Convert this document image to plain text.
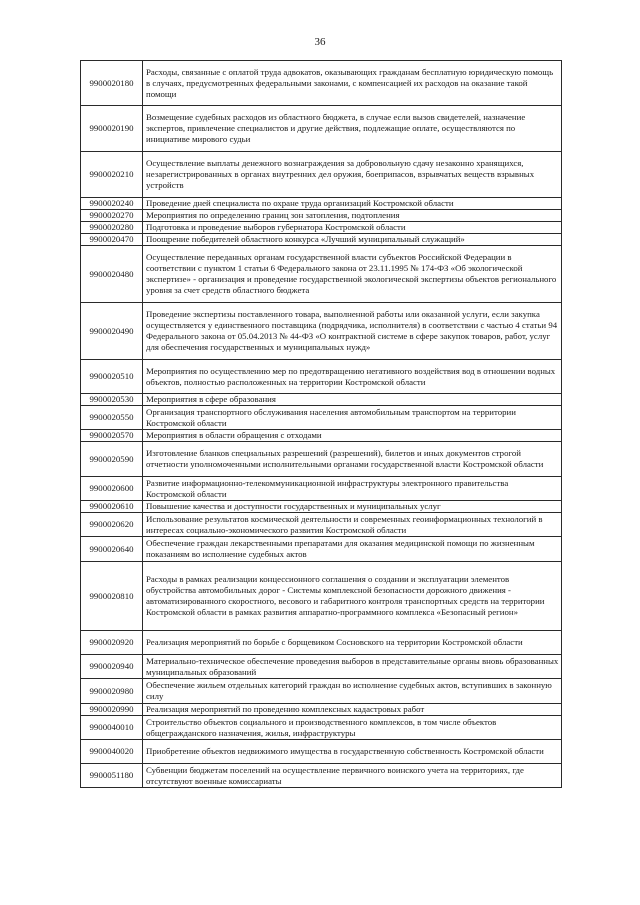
36
9900020180	Расходы, связанные с оплатой труда адвокатов, оказывающих гражданам бесплатную юридическую помощь в случаях, предусмотренных федеральными законами, с компенсацией их расходов на оказание такой помощи
9900020190	Возмещение судебных расходов из областного бюджета, в случае если вызов свидетелей, назначение экспертов, привлечение специалистов и другие действия, подлежащие оплате, осуществляются по инициативе мирового судьи
9900020210	Осуществление выплаты денежного вознаграждения за добровольную сдачу незаконно хранящихся, незарегистрированных в органах внутренних дел оружия, боеприпасов, взрывчатых веществ взрывных устройств
9900020240	Проведение дней специалиста по охране труда организаций Костромской области
9900020270	Мероприятия по определению границ зон затопления, подтопления
9900020280	Подготовка и проведение выборов губернатора Костромской области
9900020470	Поощрение победителей областного конкурса «Лучший муниципальный служащий»
9900020480	Осуществление переданных органам государственной власти субъектов Российской Федерации в соответствии с пунктом 1 статьи 6 Федерального закона от 23.11.1995 № 174-ФЗ «Об экологической экспертизе» - организация и проведение государственной экологической экспертизы объектов регионального уровня за счет средств областного бюджета
9900020490	Проведение экспертизы поставленного товара, выполненной работы или оказанной услуги, если закупка осуществляется у единственного поставщика (подрядчика, исполнителя) в соответствии с частью 4 статьи 94 Федерального закона от 05.04.2013 № 44-ФЗ «О контрактной системе в сфере закупок товаров, работ, услуг для обеспечения государственных и муниципальных нужд»
9900020510	Мероприятия по осуществлению мер по предотвращению негативного воздействия вод в отношении водных объектов, полностью расположенных на территории Костромской области
9900020530	Мероприятия в сфере образования
9900020550	Организация транспортного обслуживания населения автомобильным транспортом на территории Костромской области
9900020570	Мероприятия в области обращения с отходами
9900020590	Изготовление бланков специальных разрешений (разрешений), билетов и иных документов строгой отчетности уполномоченными исполнительными органами государственной власти Костромской области
9900020600	Развитие информационно-телекоммуникационной инфраструктуры электронного правительства Костромской области
9900020610	Повышение качества и доступности государственных и муниципальных услуг
9900020620	Использование результатов космической деятельности и современных геоинформационных технологий в интересах социально-экономического развития Костромской области
9900020640	Обеспечение граждан лекарственными препаратами для оказания медицинской помощи по жизненным показаниям во исполнение судебных актов
9900020810	Расходы в рамках реализации концессионного соглашения о создании и эксплуатации элементов обустройства автомобильных дорог - Системы комплексной безопасности дорожного движения - автоматизированного скоростного, весового и габаритного контроля транспортных средств на территории Костромской области в рамках развития аппаратно-программного комплекса «Безопасный регион»
9900020920	Реализация мероприятий по борьбе с борщевиком Сосновского на территории Костромской области
9900020940	Материально-техническое обеспечение проведения выборов в представительные органы вновь образованных муниципальных образований
9900020980	Обеспечение жильем отдельных категорий граждан во исполнение судебных актов, вступивших в законную силу
9900020990	Реализация мероприятий по проведению комплексных кадастровых работ
9900040010	Строительство объектов социального и производственного комплексов, в том числе объектов общегражданского назначения, жилья, инфраструктуры
9900040020	Приобретение объектов недвижимого имущества в государственную собственность Костромской области
9900051180	Субвенции бюджетам поселений на осуществление первичного воинского учета на территориях, где отсутствуют военные комиссариаты
